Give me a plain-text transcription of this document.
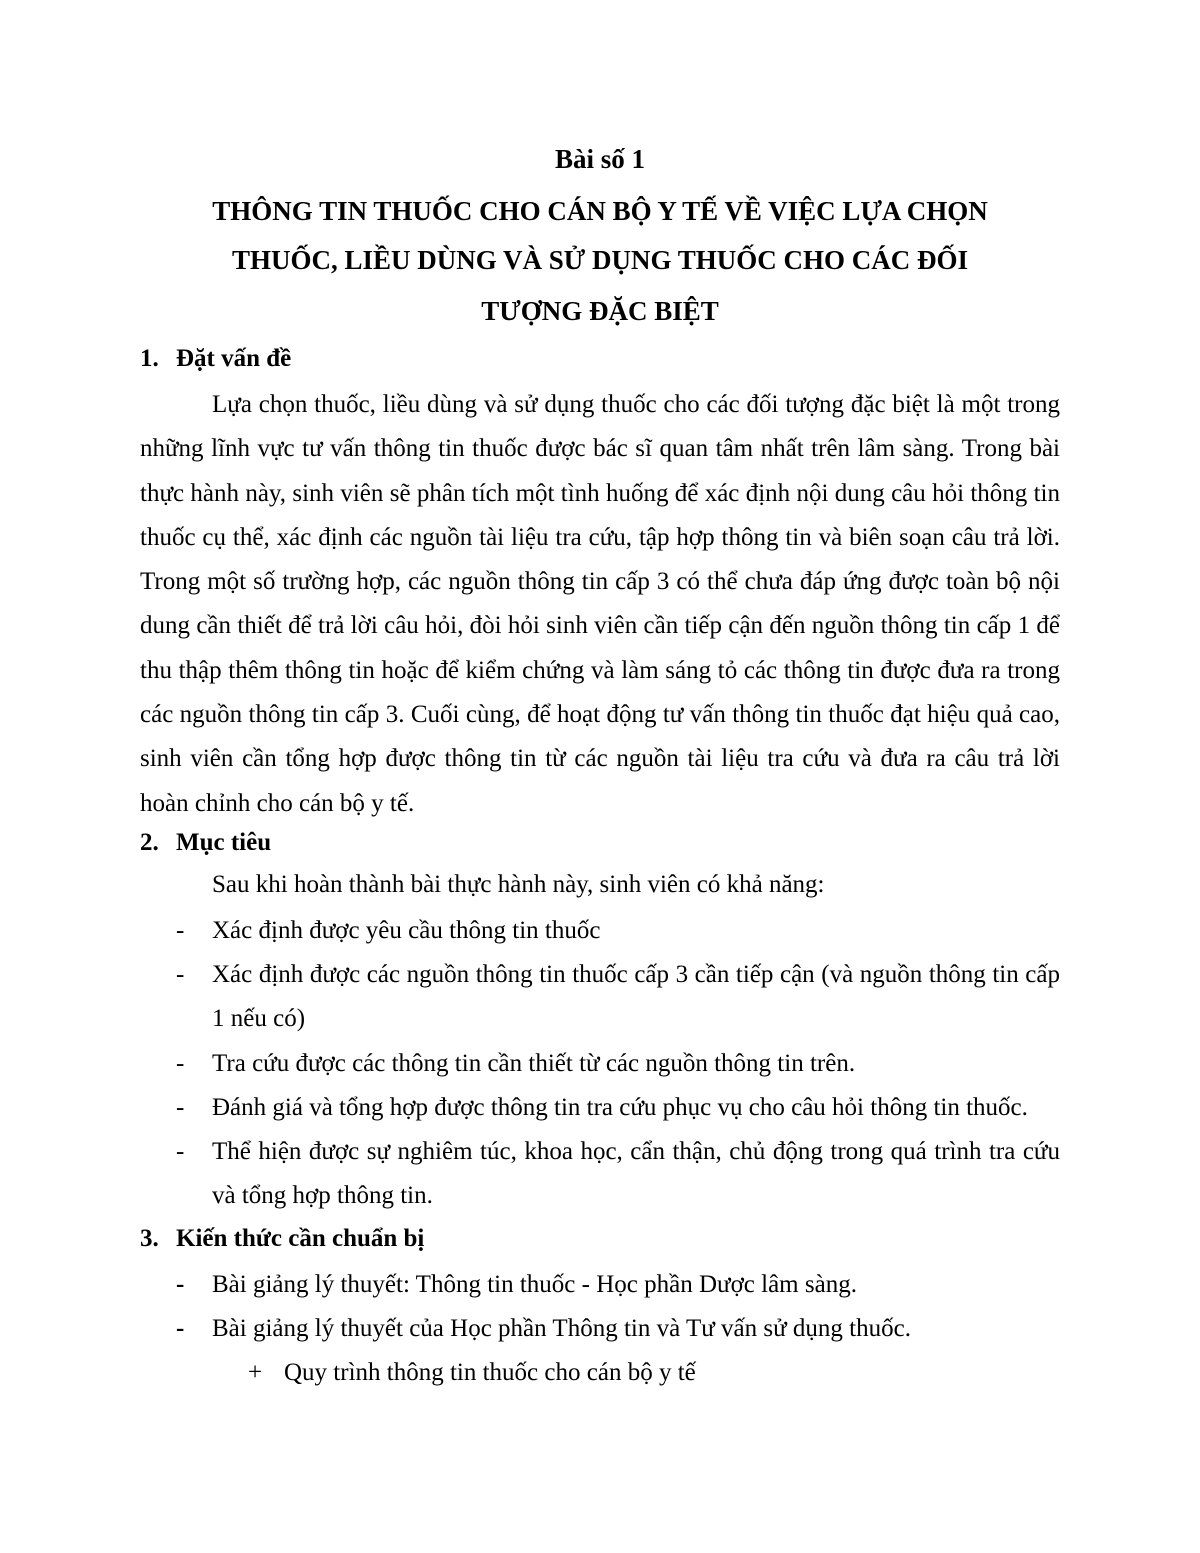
Bài số 1
THÔNG TIN THUỐC CHO CÁN BỘ Y TẾ VỀ VIỆC LỰA CHỌN
THUỐC, LIỀU DÙNG VÀ SỬ DỤNG THUỐC CHO CÁC ĐỐI
TƯỢNG ĐẶC BIỆT
1. Đặt vấn đề

Lựa chọn thuốc, liều dùng và sử dụng thuốc cho các đối tượng đặc biệt là một trong những lĩnh vực tư vấn thông tin thuốc được bác sĩ quan tâm nhất trên lâm sàng. Trong bài thực hành này, sinh viên sẽ phân tích một tình huống để xác định nội dung câu hỏi thông tin thuốc cụ thể, xác định các nguồn tài liệu tra cứu, tập hợp thông tin và biên soạn câu trả lời. Trong một số trường hợp, các nguồn thông tin cấp 3 có thể chưa đáp ứng được toàn bộ nội dung cần thiết để trả lời câu hỏi, đòi hỏi sinh viên cần tiếp cận đến nguồn thông tin cấp 1 để thu thập thêm thông tin hoặc để kiểm chứng và làm sáng tỏ các thông tin được đưa ra trong các nguồn thông tin cấp 3. Cuối cùng, để hoạt động tư vấn thông tin thuốc đạt hiệu quả cao, sinh viên cần tổng hợp được thông tin từ các nguồn tài liệu tra cứu và đưa ra câu trả lời hoàn chỉnh cho cán bộ y tế.

2. Mục tiêu
Sau khi hoàn thành bài thực hành này, sinh viên có khả năng:
- Xác định được yêu cầu thông tin thuốc
- Xác định được các nguồn thông tin thuốc cấp 3 cần tiếp cận (và nguồn thông tin cấp 1 nếu có)
- Tra cứu được các thông tin cần thiết từ các nguồn thông tin trên.
- Đánh giá và tổng hợp được thông tin tra cứu phục vụ cho câu hỏi thông tin thuốc.
- Thể hiện được sự nghiêm túc, khoa học, cẩn thận, chủ động trong quá trình tra cứu và tổng hợp thông tin.
3. Kiến thức cần chuẩn bị
- Bài giảng lý thuyết: Thông tin thuốc - Học phần Dược lâm sàng.
- Bài giảng lý thuyết của Học phần Thông tin và Tư vấn sử dụng thuốc.
+ Quy trình thông tin thuốc cho cán bộ y tế
